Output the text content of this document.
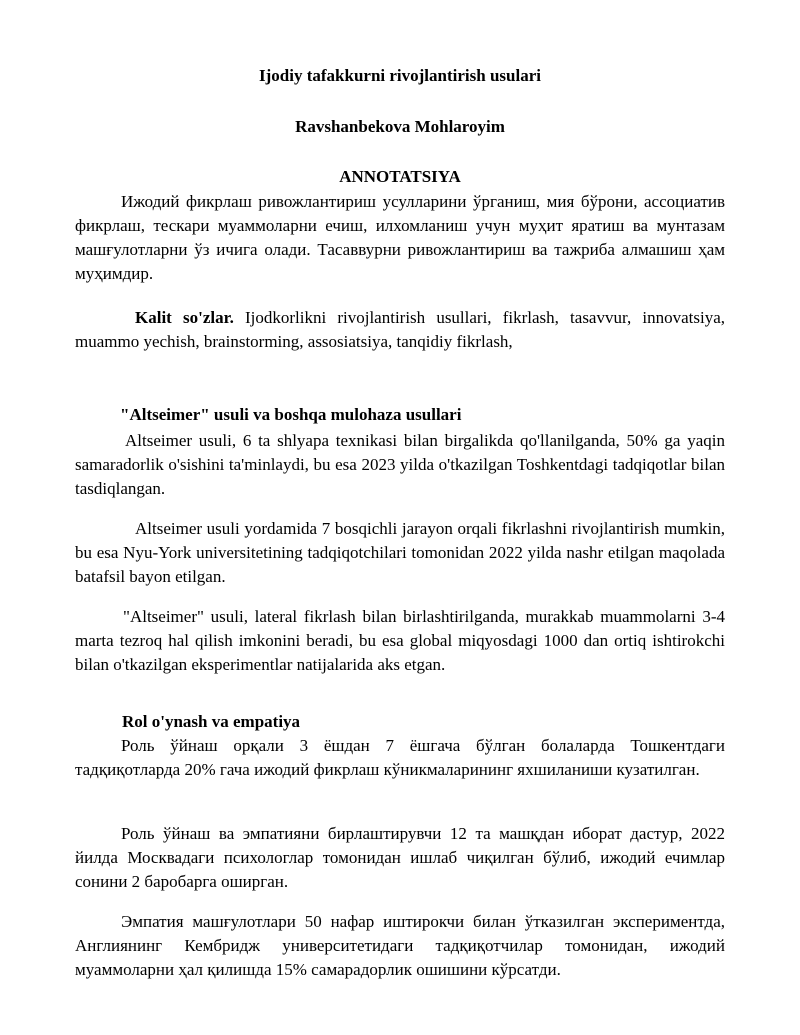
Ijodiy tafakkurni rivojlantirish usulari
Ravshanbekova Mohlaroyim
ANNOTATSIYA
Ижодий фикрлаш ривожлантириш усулларини ўрганиш, мия бўрони, ассоциатив фикрлаш, тескари муаммоларни ечиш, илхомланиш учун муҳит яратиш ва мунтазам машғулотларни ўз ичига олади. Тасаввурни ривожлантириш ва тажриба алмашиш ҳам муҳимдир.
Kalit so'zlar. Ijodkorlikni rivojlantirish usullari, fikrlash, tasavvur, innovatsiya, muammo yechish, brainstorming, assosiatsiya, tanqidiy fikrlash,
"Altseimer" usuli va boshqa mulohaza usullari
Altseimer usuli, 6 ta shlyapa texnikasi bilan birgalikda qo'llanilganda, 50% ga yaqin samaradorlik o'sishini ta'minlaydi, bu esa 2023 yilda o'tkazilgan Toshkentdagi tadqiqotlar bilan tasdiqlangan.
Altseimer usuli yordamida 7 bosqichli jarayon orqali fikrlashni rivojlantirish mumkin, bu esa Nyu-York universitetining tadqiqotchilari tomonidan 2022 yilda nashr etilgan maqolada batafsil bayon etilgan.
"Altseimer" usuli, lateral fikrlash bilan birlashtirilganda, murakkab muammolarni 3-4 marta tezroq hal qilish imkonini beradi, bu esa global miqyosdagi 1000 dan ortiq ishtirokchi bilan o'tkazilgan eksperimentlar natijalarida aks etgan.
Rol o'ynash va empatiya
Роль ўйнаш орқали 3 ёшдан 7 ёшгача бўлган болаларда Тошкентдаги тадқиқотларда 20% гача ижодий фикрлаш кўникмаларининг яхшиланиши кузатилган.
Роль ўйнаш ва эмпатияни бирлаштирувчи 12 та машқдан иборат дастур, 2022 йилда Москвадаги психологлар томонидан ишлаб чиқилган бўлиб, ижодий ечимлар сонини 2 баробарга оширган.
Эмпатия машғулотлари 50 нафар иштирокчи билан ўтказилган экспериментда, Англиянинг Кембридж университетидаги тадқиқотчилар томонидан, ижодий муаммоларни ҳал қилишда 15% самарадорлик ошишини кўрсатди.
